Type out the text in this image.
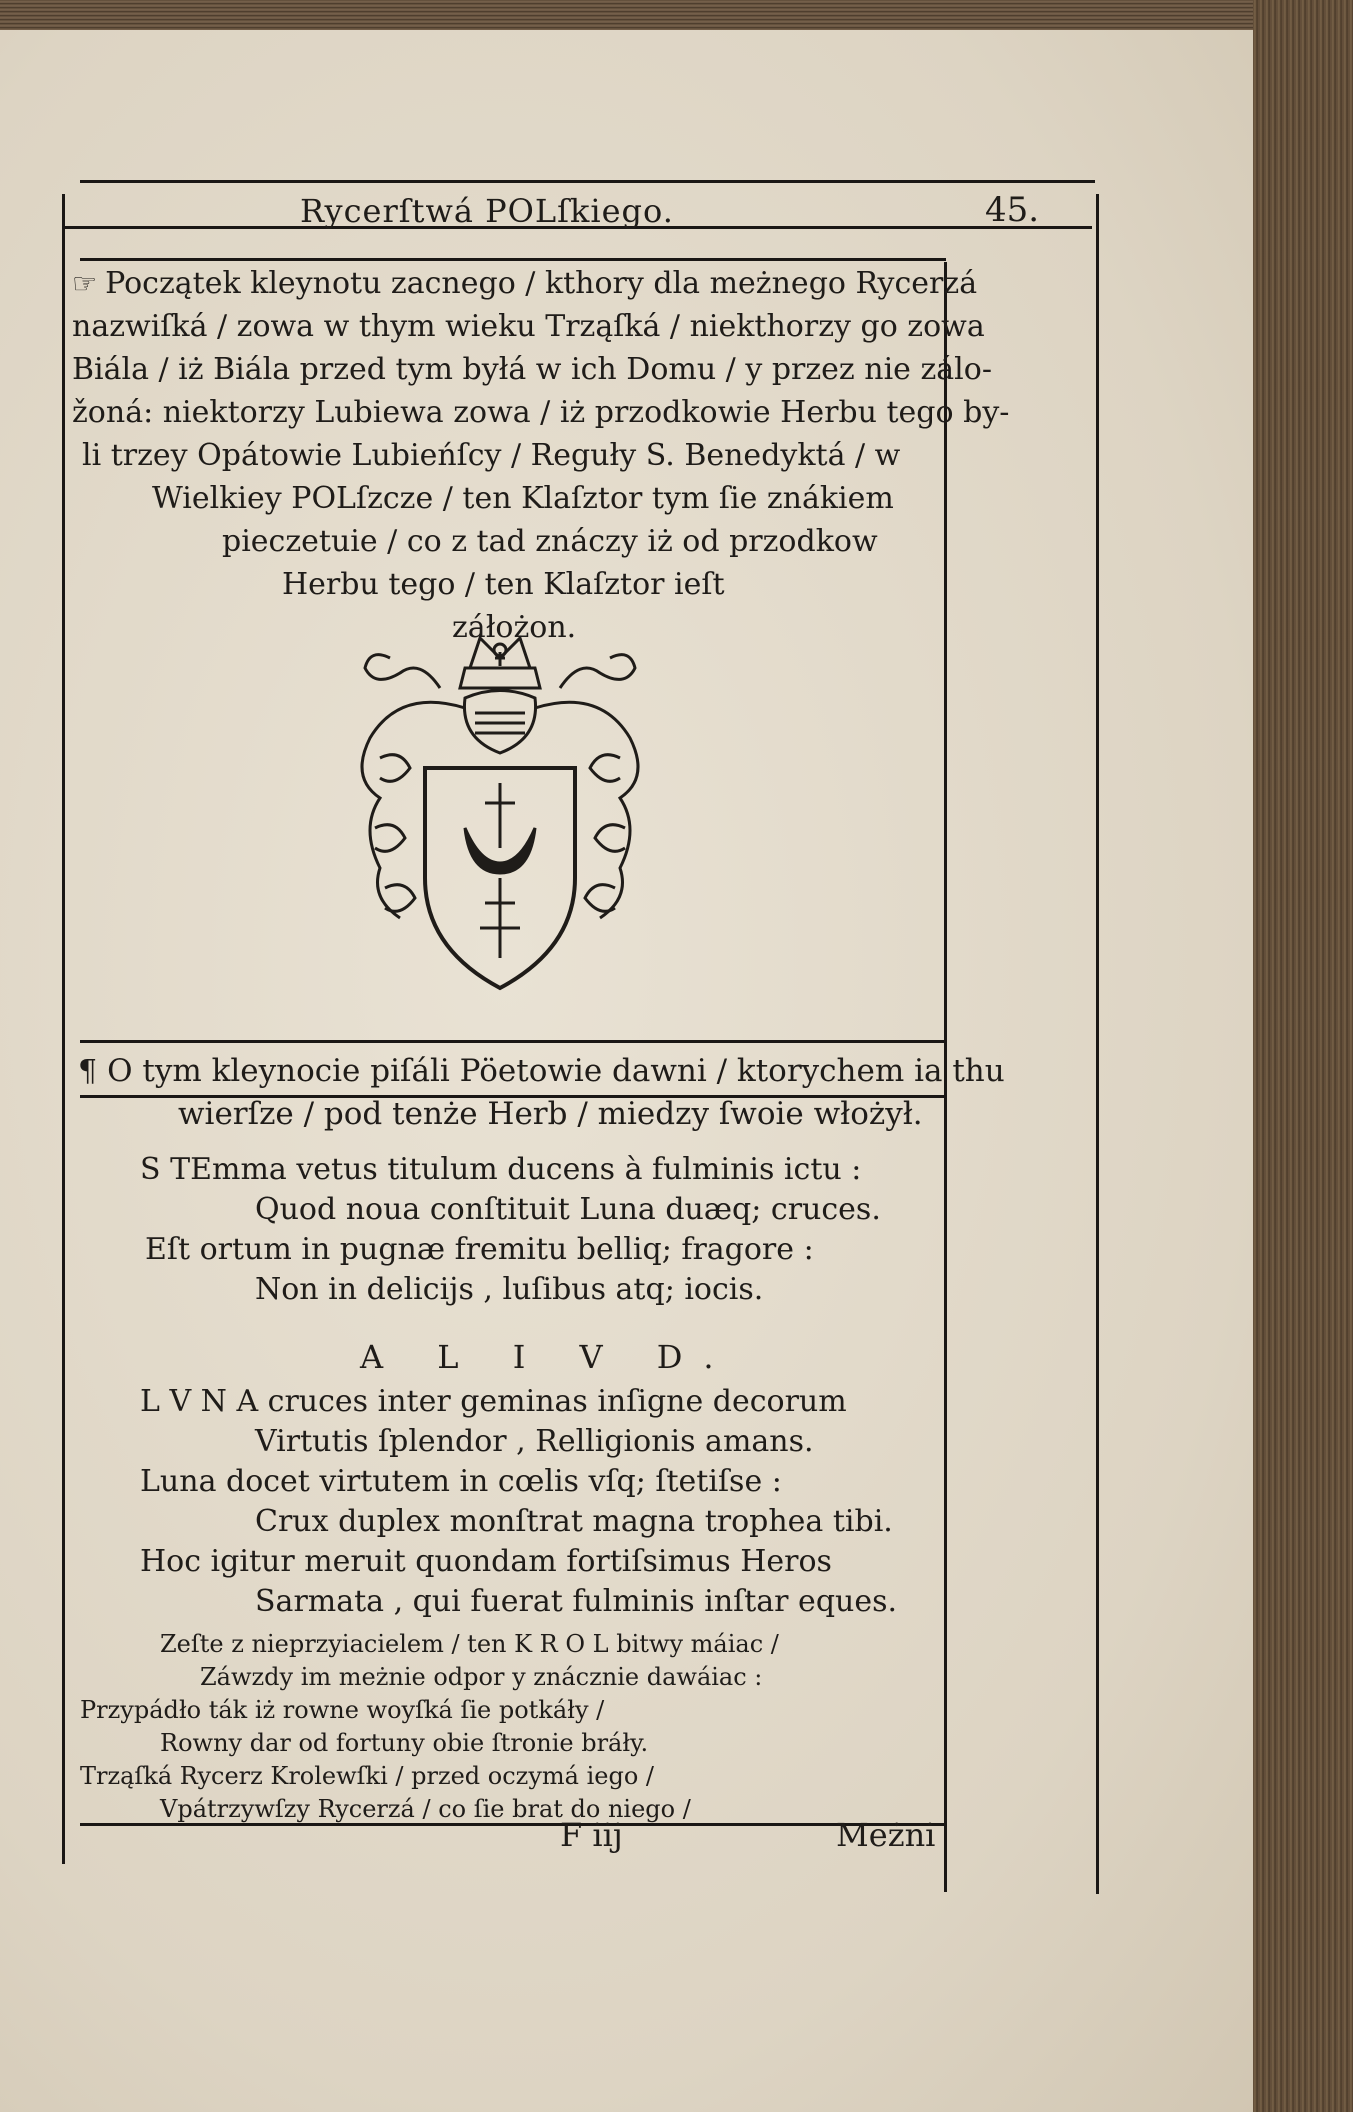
Rycerſtwá POLſkiego.	45.

☞ Początek kleynotu zacnego / kthory dla meżnego Rycerzá
nazwiſká / zowa w thym wieku Trząſká / niekthorzy go zowa
Biála / iż Biála przed tym byłá w ich Domu / y przez nie zálo-
žoná: niektorzy Lubiewa zowa / iż przodkowie Herbu tego by-
li trzey Opátowie Lubieńſcy / Reguły S. Benedyktá / w
Wielkiey POLſzcze / ten Klaſztor tym ſie znákiem
pieczetuie / co z tad znáczy iż od przodkow
Herbu tego / ten Klaſztor ieſt
záłożon.

¶ O tym kleynocie piſáli Pöetowie dawni / ktorychem ia thu
wierſze / pod tenże Herb / miedzy ſwoie włożył.

S TEmma vetus titulum ducens à fulminis ictu :
Quod noua conſtituit Luna duæq; cruces.
Eſt ortum in pugnæ fremitu belliq; fragore :
Non in delicijs , luſibus atq; iocis.
A L I V D.
L V N A cruces inter geminas inſigne decorum
Virtutis ſplendor , Relligionis amans.
Luna docet virtutem in cœlis vſq; ſtetiſse :
Crux duplex monſtrat magna trophea tibi.
Hoc igitur meruit quondam fortiſsimus Heros
Sarmata , qui fuerat fulminis inſtar eques.
Zeſte z nieprzyiacielem / ten K R O L bitwy máiac /
Záwzdy im meżnie odpor y znácznie dawáiac :
Przypádło ták iż rowne woyſká ſie potkáły /
Rowny dar od fortuny obie ſtronie bráły.
Trząſká Rycerz Krolewſki / przed oczymá iego /
Vpátrzywſzy Rycerzá / co ſie brat do niego /
F iij	Meżni
